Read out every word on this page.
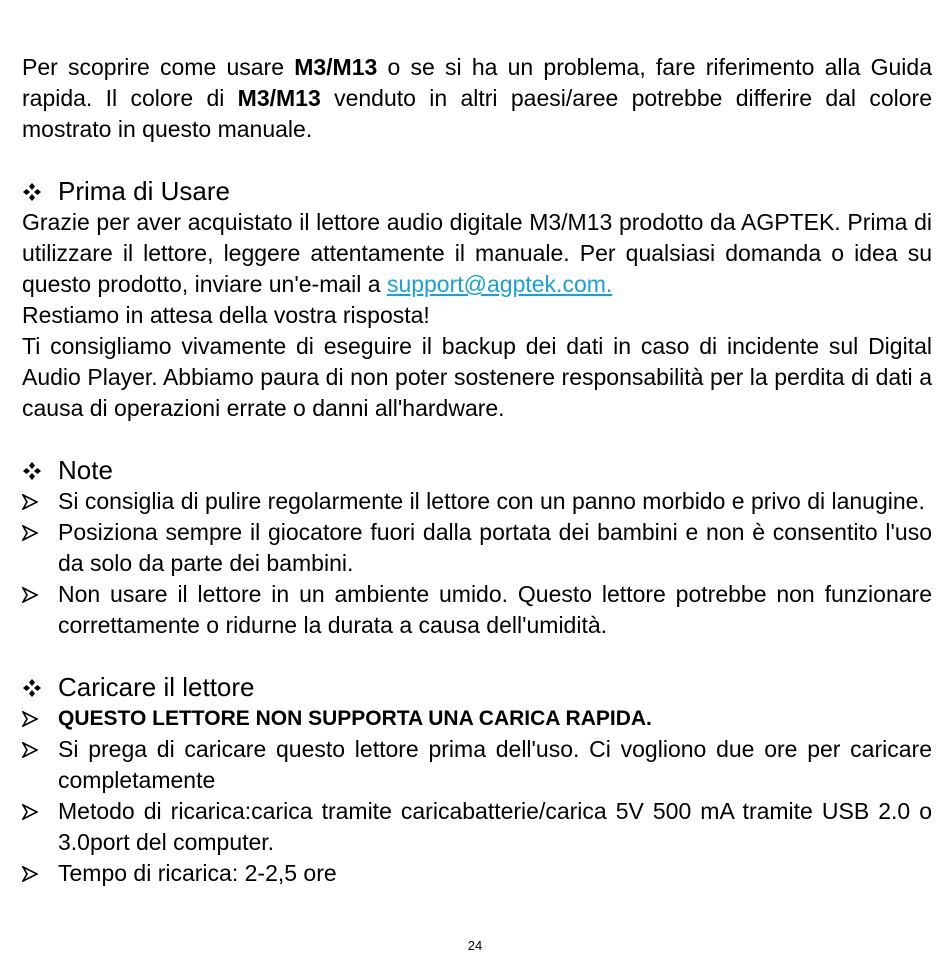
Per scoprire come usare M3/M13 o se si ha un problema, fare riferimento alla Guida rapida. Il colore di M3/M13 venduto in altri paesi/aree potrebbe differire dal colore mostrato in questo manuale.

Prima di Usare

Grazie per aver acquistato il lettore audio digitale M3/M13 prodotto da AGPTEK. Prima di utilizzare il lettore, leggere attentamente il manuale. Per qualsiasi domanda o idea su questo prodotto, inviare un'e-mail a support@agptek.com.
Restiamo in attesa della vostra risposta!

Ti consigliamo vivamente di eseguire il backup dei dati in caso di incidente sul Digital Audio Player. Abbiamo paura di non poter sostenere responsabilità per la perdita di dati a causa di operazioni errate o danni all'hardware.

Note
Si consiglia di pulire regolarmente il lettore con un panno morbido e privo di lanugine.
Posiziona sempre il giocatore fuori dalla portata dei bambini e non è consentito l'uso da solo da parte dei bambini.
Non usare il lettore in un ambiente umido. Questo lettore potrebbe non funzionare correttamente o ridurne la durata a causa dell'umidità.
Caricare il lettore
QUESTO LETTORE NON SUPPORTA UNA CARICA RAPIDA.
Si prega di caricare questo lettore prima dell'uso. Ci vogliono due ore per caricare completamente
Metodo di ricarica:carica tramite caricabatterie/carica 5V 500 mA tramite USB 2.0 o 3.0port del computer.
Tempo di ricarica: 2-2,5 ore
24
